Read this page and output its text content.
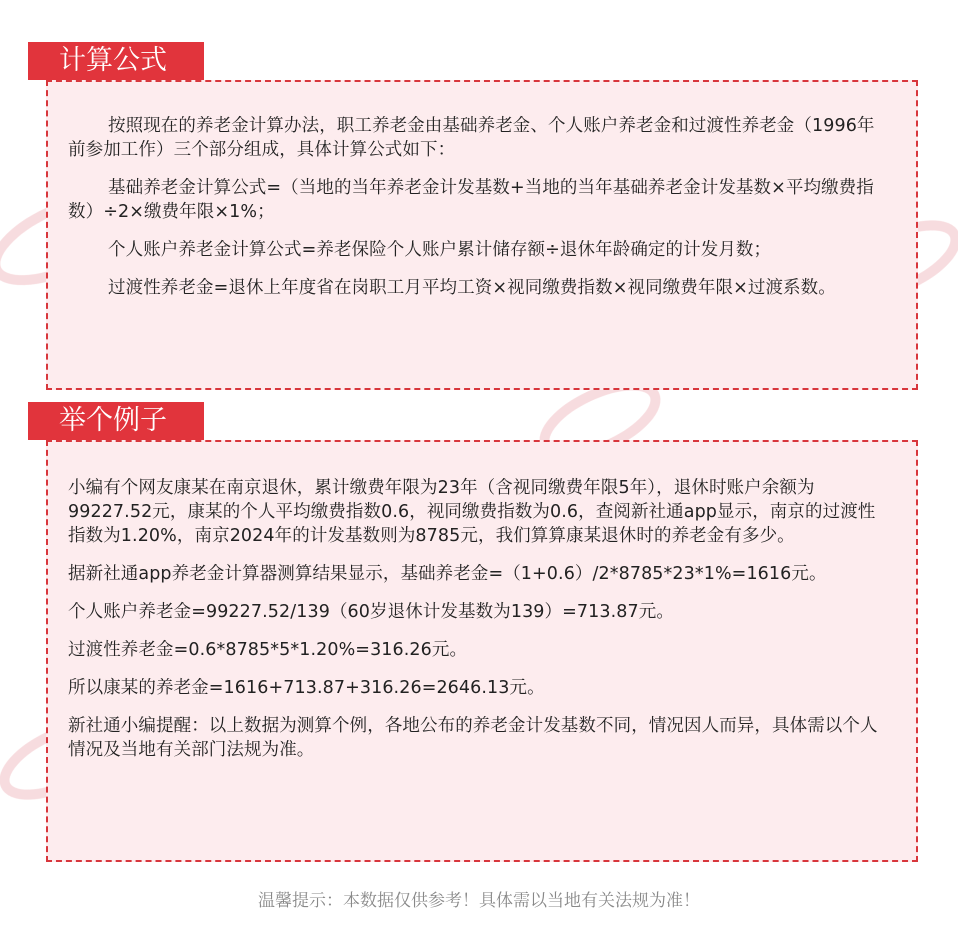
按照现在的养老金计算办法，职工养老金由基础养老金、个人账户养老金和过渡性养老金（1996年前参加工作）三个部分组成，具体计算公式如下：

基础养老金计算公式=（当地的当年养老金计发基数+当地的当年基础养老金计发基数×平均缴费指数）÷2×缴费年限×1%；

个人账户养老金计算公式=养老保险个人账户累计储存额÷退休年龄确定的计发月数；

过渡性养老金=退休上年度省在岗职工月平均工资×视同缴费指数×视同缴费年限×过渡系数。

计算公式

小编有个网友康某在南京退休，累计缴费年限为23年（含视同缴费年限5年），退休时账户余额为99227.52元，康某的个人平均缴费指数0.6，视同缴费指数为0.6，查阅新社通app显示，南京的过渡性指数为1.20%，南京2024年的计发基数则为8785元，我们算算康某退休时的养老金有多少。

据新社通app养老金计算器测算结果显示，基础养老金=（1+0.6）/2*8785*23*1%=1616元。

个人账户养老金=99227.52/139（60岁退休计发基数为139）=713.87元。

过渡性养老金=0.6*8785*5*1.20%=316.26元。

所以康某的养老金=1616+713.87+316.26=2646.13元。

新社通小编提醒：以上数据为测算个例，各地公布的养老金计发基数不同，情况因人而异，具体需以个人情况及当地有关部门法规为准。

举个例子
温馨提示：本数据仅供参考！具体需以当地有关法规为准！
